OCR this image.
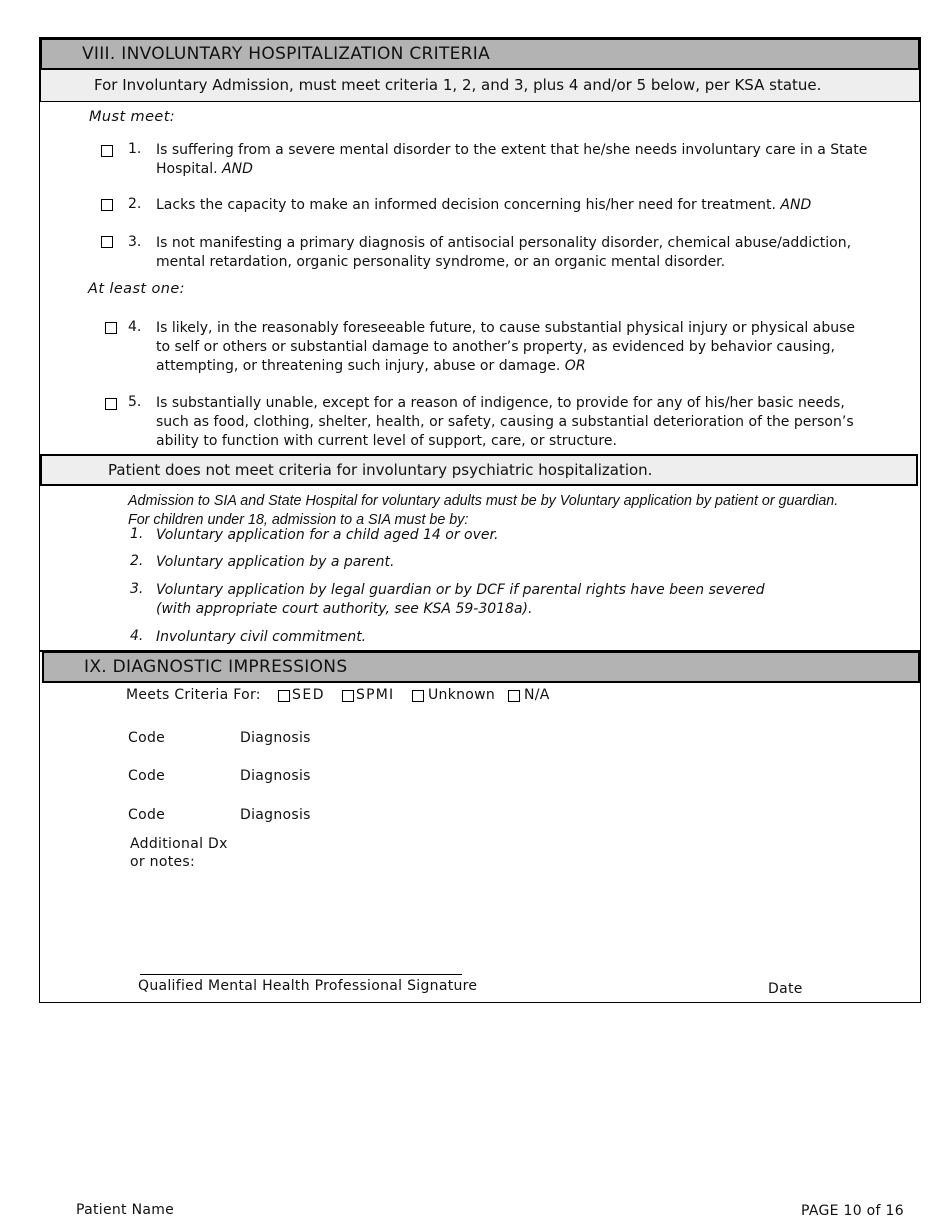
VIII. INVOLUNTARY HOSPITALIZATION CRITERIA
For Involuntary Admission, must meet criteria 1, 2, and 3, plus 4 and/or 5 below, per KSA statue.
Must meet:
1. Is suffering from a severe mental disorder to the extent that he/she needs involuntary care in a State Hospital. AND
2. Lacks the capacity to make an informed decision concerning his/her need for treatment. AND
3. Is not manifesting a primary diagnosis of antisocial personality disorder, chemical abuse/addiction, mental retardation, organic personality syndrome, or an organic mental disorder.
At least one:
4. Is likely, in the reasonably foreseeable future, to cause substantial physical injury or physical abuse to self or others or substantial damage to another’s property, as evidenced by behavior causing, attempting, or threatening such injury, abuse or damage. OR
5. Is substantially unable, except for a reason of indigence, to provide for any of his/her basic needs, such as food, clothing, shelter, health, or safety, causing a substantial deterioration of the person’s ability to function with current level of support, care, or structure.
Patient does not meet criteria for involuntary psychiatric hospitalization.
Admission to SIA and State Hospital for voluntary adults must be by Voluntary application by patient or guardian.
For children under 18, admission to a SIA must be by:
1. Voluntary application for a child aged 14 or over.
2. Voluntary application by a parent.
3. Voluntary application by legal guardian or by DCF if parental rights have been severed (with appropriate court authority, see KSA 59-3018a).
4. Involuntary civil commitment.
IX. DIAGNOSTIC IMPRESSIONS
Meets Criteria For: SED SPMI Unknown N/A
Code	Diagnosis
Code	Diagnosis
Code	Diagnosis
Additional Dx
or notes:
Qualified Mental Health Professional Signature	Date
Patient Name	PAGE 10 of 16
